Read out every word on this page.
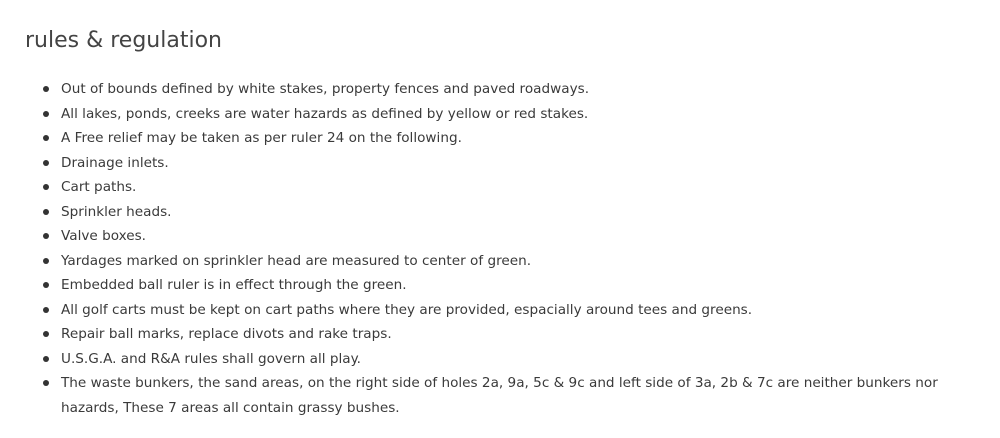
rules & regulation
Out of bounds defined by white stakes, property fences and paved roadways.
All lakes, ponds, creeks are water hazards as defined by yellow or red stakes.
A Free relief may be taken as per ruler 24 on the following.
Drainage inlets.
Cart paths.
Sprinkler heads.
Valve boxes.
Yardages marked on sprinkler head are measured to center of green.
Embedded ball ruler is in effect through the green.
All golf carts must be kept on cart paths where they are provided, espacially around tees and greens.
Repair ball marks, replace divots and rake traps.
U.S.G.A. and R&A rules shall govern all play.
The waste bunkers, the sand areas, on the right side of holes 2a, 9a, 5c & 9c and left side of 3a, 2b & 7c are neither bunkers nor hazards, These 7 areas all contain grassy bushes.
